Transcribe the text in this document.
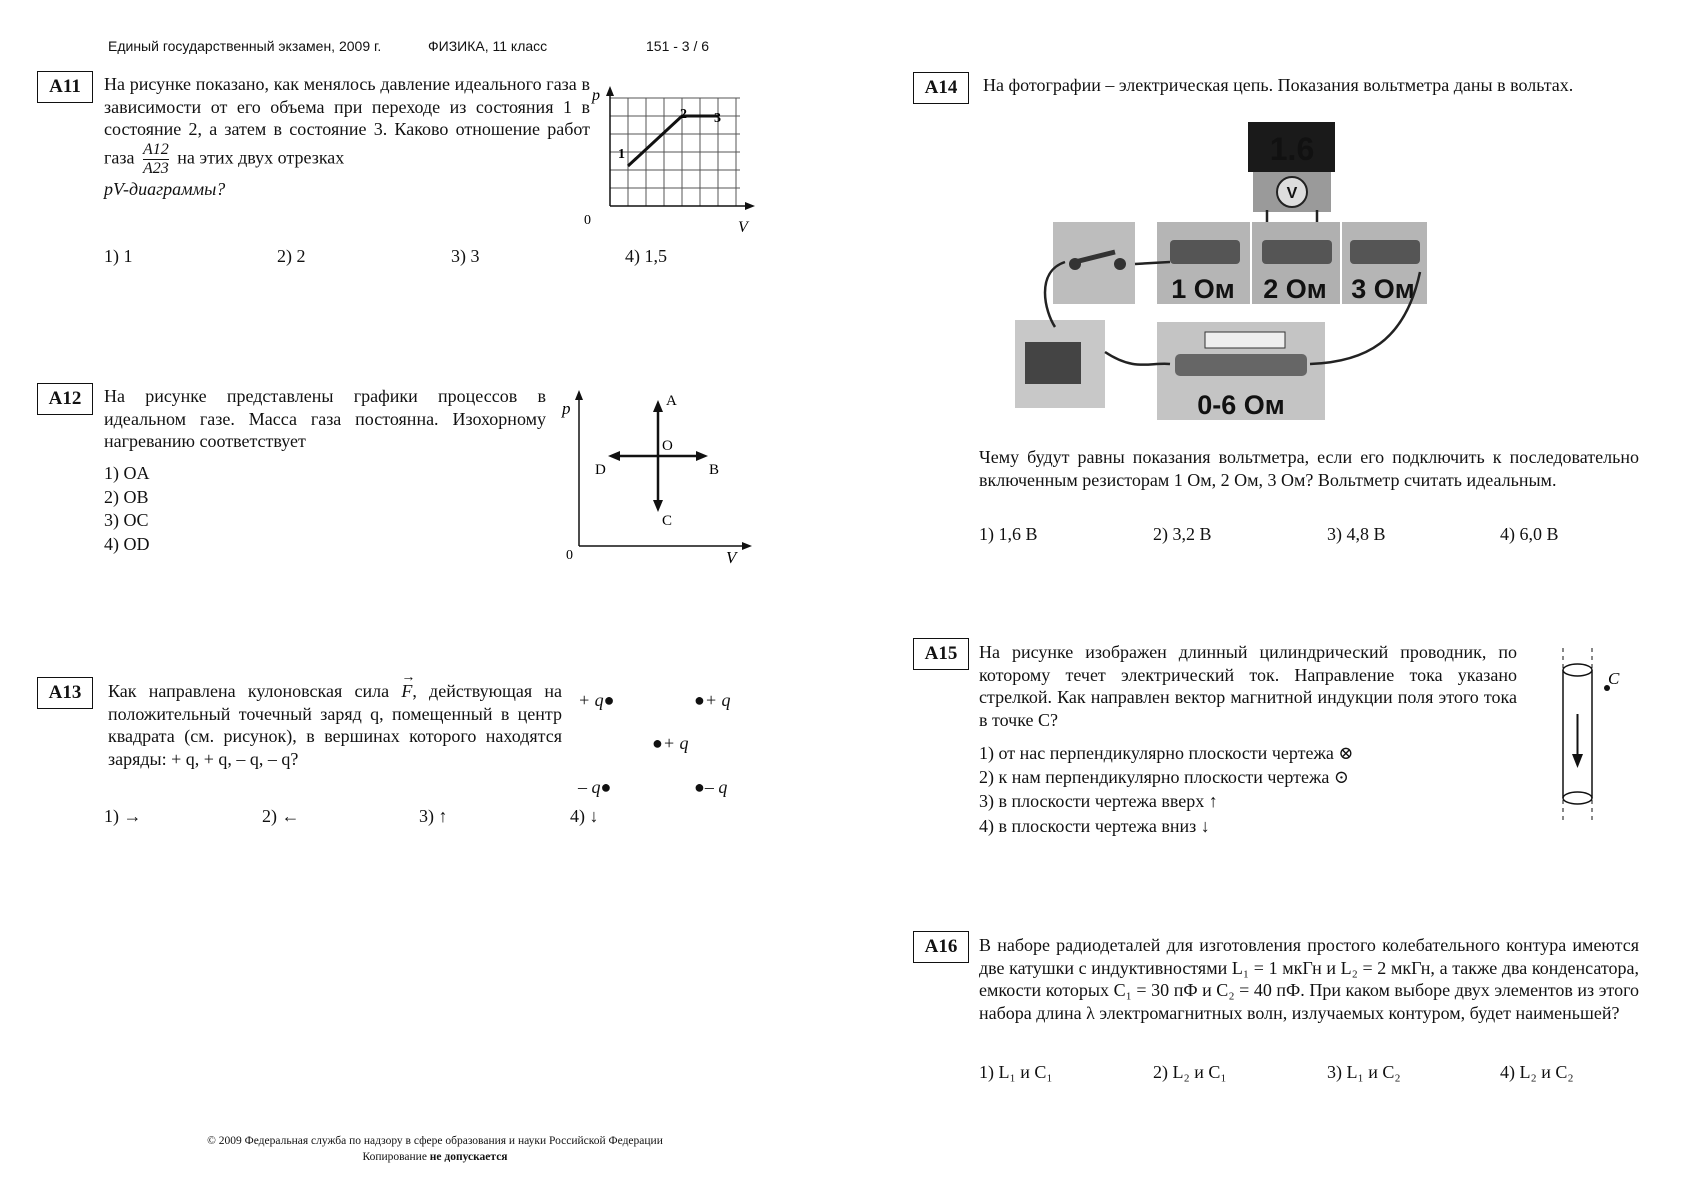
Единый государственный экзамен, 2009 г.	ФИЗИКА, 11 класс	151 - 3 / 6
A11	На рисунке показано, как менялось давление идеального газа в зависимости от его объема при переходе из состояния 1 в состояние 2, а затем в состояние 3. Каково отношение работ газа $\frac{A12}{A23}$ на этих двух отрезках
pV-диаграммы?
p
0	V
1
2 3
1) 1	2) 2	3) 3	4) 1,5
A12	На рисунке представлены графики процессов в идеальном газе. Масса газа постоянна. Изохорному нагреванию соответствует
1) OA
2) OB
3) OC
4) OD
p
0	V
A
B
C
D
O
A13	Как направлена кулоновская сила
→
F, действующая на положительный точечный заряд q, помещенный в центр квадрата (см. рисунок), в вершинах которого находятся заряды: + q, + q, – q, – q?
+ q●	●+ q
●+ q
– q●	●– q
1) →	2) ←	3) ↑	4) ↓
A14	На фотографии – электрическая цепь. Показания вольтметра даны в вольтах.
1.6
V
1 Ом 2 Ом 3 Ом
0-6 Ом
Чему будут равны показания вольтметра, если его подключить к последовательно включенным резисторам 1 Ом, 2 Ом, 3 Ом? Вольтметр считать идеальным.
1) 1,6 В	2) 3,2 В	3) 4,8 В	4) 6,0 В
A15	На рисунке изображен длинный цилиндрический проводник, по которому течет электрический ток. Направление тока указано стрелкой. Как направлен вектор магнитной индукции поля этого тока в точке C?
1) от нас перпендикулярно плоскости чертежа ⊗
2) к нам перпендикулярно плоскости чертежа ⊙
3) в плоскости чертежа вверх ↑
4) в плоскости чертежа вниз ↓
C
A16	В наборе радиодеталей для изготовления простого колебательного контура имеются две катушки с индуктивностями L₁ = 1 мкГн и L₂ = 2 мкГн, а также два конденсатора, емкости которых C₁ = 30 пФ и C₂ = 40 пФ. При каком выборе двух элементов из этого набора длина λ электромагнитных волн, излучаемых контуром, будет наименьшей?
1) L₁ и C₁	2) L₂ и C₁	3) L₁ и C₂	4) L₂ и C₂
© 2009 Федеральная служба по надзору в сфере образования и науки Российской Федерации
Копирование не допускается
